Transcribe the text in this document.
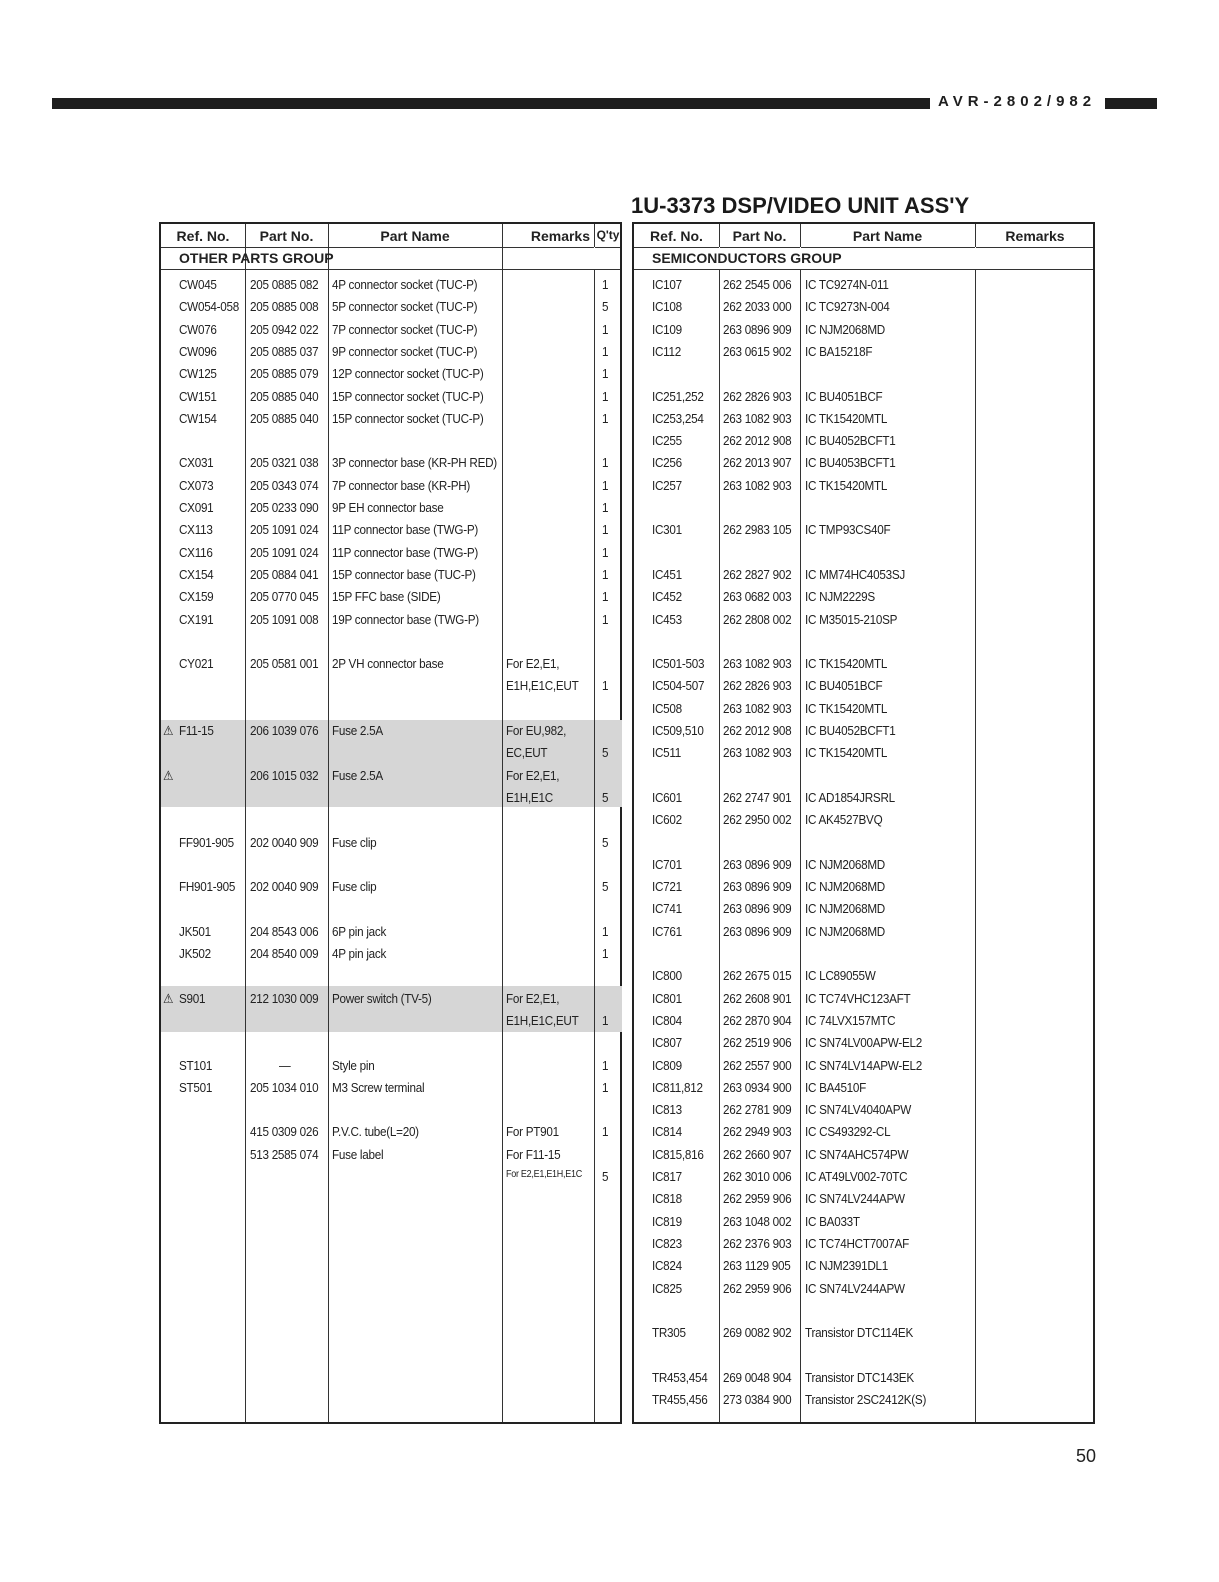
AVR-2802/982
1U-3373 DSP/VIDEO UNIT ASS'Y
Ref. No.	Part No.	Part Name	Remarks Q'ty
OTHER PARTS GROUP
CW045	205 0885 082 4P connector socket (TUC-P)	1
CW054-058 205 0885 008 5P connector socket (TUC-P)	5
CW076	205 0942 022 7P connector socket (TUC-P)	1
CW096	205 0885 037 9P connector socket (TUC-P)	1
CW125	205 0885 079 12P connector socket (TUC-P)	1
CW151	205 0885 040 15P connector socket (TUC-P)	1
CW154	205 0885 040 15P connector socket (TUC-P)	1
CX031	205 0321 038 3P connector base (KR-PH RED)	1
CX073	205 0343 074 7P connector base (KR-PH)	1
CX091	205 0233 090 9P EH connector base	1
CX113	205 1091 024 11P connector base (TWG-P)	1
CX116	205 1091 024 11P connector base (TWG-P)	1
CX154	205 0884 041 15P connector base (TUC-P)	1
CX159	205 0770 045 15P FFC base (SIDE)	1
CX191	205 1091 008 19P connector base (TWG-P)	1
CY021	205 0581 001 2P VH connector base	For E2,E1,
E1H,E1C,EUT 1
⚠ F11-15	206 1039 076 Fuse 2.5A	For EU,982,
EC,EUT	5
⚠	206 1015 032 Fuse 2.5A	For E2,E1,
E1H,E1C	5
FF901-905 202 0040 909 Fuse clip	5
FH901-905 202 0040 909 Fuse clip	5
JK501	204 8543 006 6P pin jack	1
JK502	204 8540 009 4P pin jack	1
⚠ S901	212 1030 009 Power switch (TV-5)	For E2,E1,
E1H,E1C,EUT 1
ST101	—	Style pin	1
ST501	205 1034 010 M3 Screw terminal	1
415 0309 026 P.V.C. tube(L=20)	For PT901	1
513 2585 074 Fuse label	For F11-15
For E2,E1,E1H,E1C 5
Ref. No.	Part No.	Part Name	Remarks
SEMICONDUCTORS GROUP
IC107	262 2545 006 IC TC9274N-011
IC108	262 2033 000 IC TC9273N-004
IC109	263 0896 909 IC NJM2068MD
IC112	263 0615 902 IC BA15218F
IC251,252 262 2826 903 IC BU4051BCF
IC253,254 263 1082 903 IC TK15420MTL
IC255	262 2012 908 IC BU4052BCFT1
IC256	262 2013 907 IC BU4053BCFT1
IC257	263 1082 903 IC TK15420MTL
IC301	262 2983 105 IC TMP93CS40F
IC451	262 2827 902 IC MM74HC4053SJ
IC452	263 0682 003 IC NJM2229S
IC453	262 2808 002 IC M35015-210SP
IC501-503 263 1082 903 IC TK15420MTL
IC504-507 262 2826 903 IC BU4051BCF
IC508	263 1082 903 IC TK15420MTL
IC509,510 262 2012 908 IC BU4052BCFT1
IC511	263 1082 903 IC TK15420MTL
IC601	262 2747 901 IC AD1854JRSRL
IC602	262 2950 002 IC AK4527BVQ
IC701	263 0896 909 IC NJM2068MD
IC721	263 0896 909 IC NJM2068MD
IC741	263 0896 909 IC NJM2068MD
IC761	263 0896 909 IC NJM2068MD
IC800	262 2675 015 IC LC89055W
IC801	262 2608 901 IC TC74VHC123AFT
IC804	262 2870 904 IC 74LVX157MTC
IC807	262 2519 906 IC SN74LV00APW-EL2
IC809	262 2557 900 IC SN74LV14APW-EL2
IC811,812 263 0934 900 IC BA4510F
IC813	262 2781 909 IC SN74LV4040APW
IC814	262 2949 903 IC CS493292-CL
IC815,816 262 2660 907 IC SN74AHC574PW
IC817	262 3010 006 IC AT49LV002-70TC
IC818	262 2959 906 IC SN74LV244APW
IC819	263 1048 002 IC BA033T
IC823	262 2376 903 IC TC74HCT7007AF
IC824	263 1129 905 IC NJM2391DL1
IC825	262 2959 906 IC SN74LV244APW
TR305	269 0082 902 Transistor DTC114EK
TR453,454 269 0048 904 Transistor DTC143EK
TR455,456 273 0384 900 Transistor 2SC2412K(S)
50
